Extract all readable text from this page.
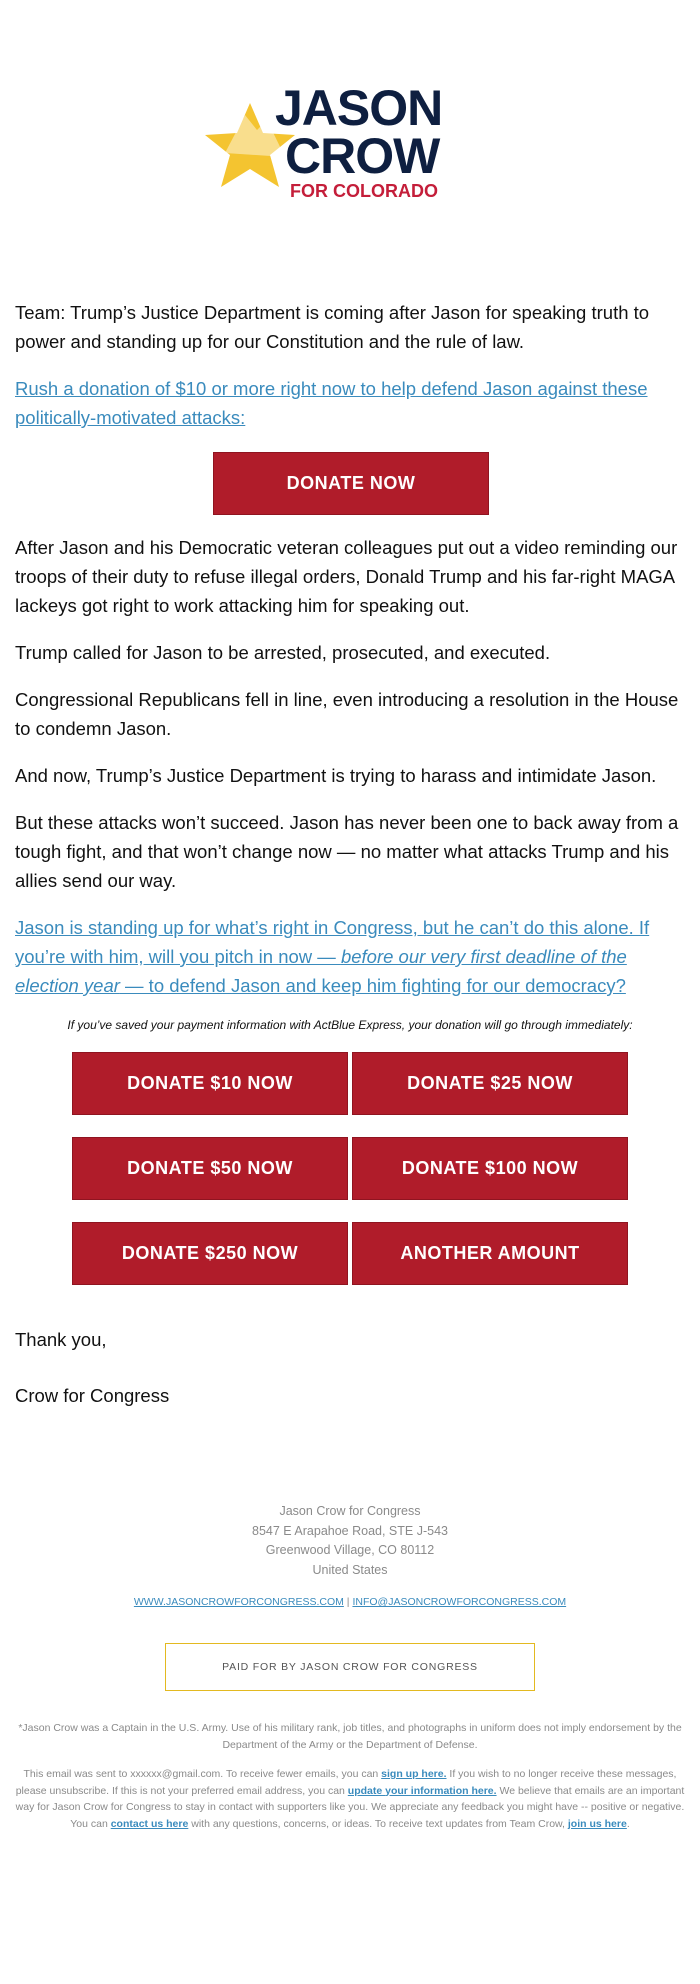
JASON
CROW
FOR COLORADO

Team: Trump’s Justice Department is coming after Jason for speaking truth to power and standing up for our Constitution and the rule of law.

Rush a donation of $10 or more right now to help defend Jason against these politically-motivated attacks:

DONATE NOW

After Jason and his Democratic veteran colleagues put out a video reminding our troops of their duty to refuse illegal orders, Donald Trump and his far-right MAGA lackeys got right to work attacking him for speaking out.

Trump called for Jason to be arrested, prosecuted, and executed.

Congressional Republicans fell in line, even introducing a resolution in the House to condemn Jason.

And now, Trump’s Justice Department is trying to harass and intimidate Jason.

But these attacks won’t succeed. Jason has never been one to back away from a tough fight, and that won’t change now — no matter what attacks Trump and his allies send our way.

Jason is standing up for what’s right in Congress, but he can’t do this alone. If you’re with him, will you pitch in now — before our very first deadline of the election year — to defend Jason and keep him fighting for our democracy?

If you’ve saved your payment information with ActBlue Express, your donation will go through immediately:
DONATE $10 NOW	DONATE $25 NOW
DONATE $50 NOW	DONATE $100 NOW
DONATE $250 NOW	ANOTHER AMOUNT

Thank you,

Crow for Congress

Jason Crow for Congress
8547 E Arapahoe Road, STE J-543
Greenwood Village, CO 80112
United States
WWW.JASONCROWFORCONGRESS.COM | INFO@JASONCROWFORCONGRESS.COM
PAID FOR BY JASON CROW FOR CONGRESS
*Jason Crow was a Captain in the U.S. Army. Use of his military rank, job titles, and photographs in uniform does not imply endorsement by the Department of the Army or the Department of Defense.
This email was sent to xxxxxx@gmail.com. To receive fewer emails, you can sign up here. If you wish to no longer receive these messages, please unsubscribe. If this is not your preferred email address, you can update your information here. We believe that emails are an important way for Jason Crow for Congress to stay in contact with supporters like you. We appreciate any feedback you might have -- positive or negative. You can contact us here with any questions, concerns, or ideas. To receive text updates from Team Crow, join us here.
